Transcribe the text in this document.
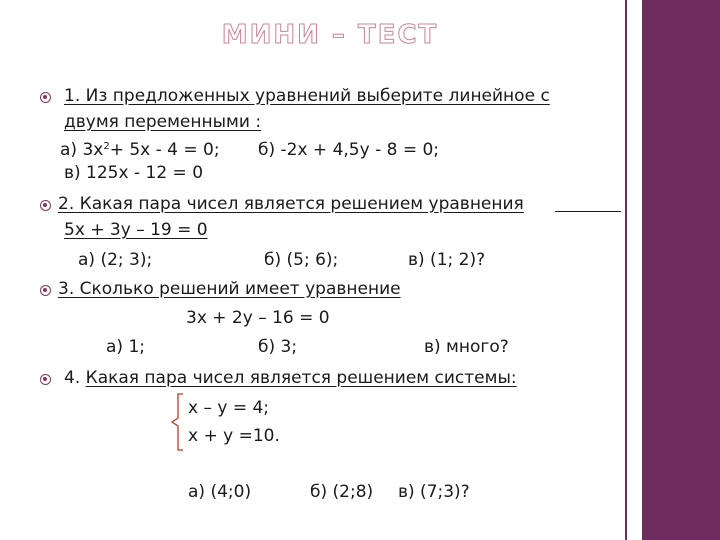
МИНИ – ТЕСТ
1. Из предложенных уравнений выберите линейное с
двумя переменными :
а) $3х^2+ 5х - 4 = 0$; б) -2х + 4,5у - 8 = 0;
в) 125х - 12 = 0
2. Какая пара чисел является решением уравнения
5х + 3у – 19 = 0
а) (2; 3);	б) (5; 6);	в) (1; 2)?
3. Сколько решений имеет уравнение
3х + 2у – 16 = 0
а) 1;	б) 3;	в) много?
4. Какая пара чисел является решением системы:
х – у = 4;
х + у =10.
а) (4;0)	б) (2;8) в) (7;3)?
